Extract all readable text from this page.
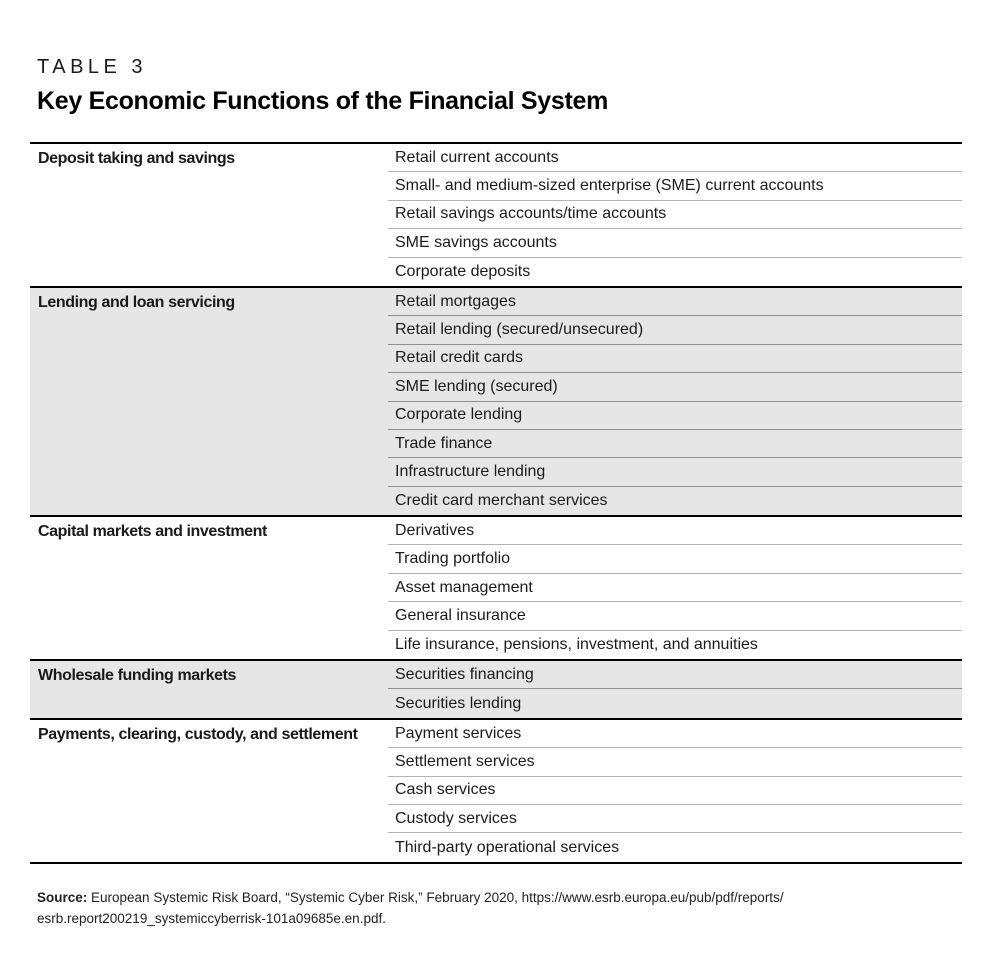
TABLE 3
Key Economic Functions of the Financial System
Deposit taking and savings	Retail current accounts
Small- and medium-sized enterprise (SME) current accounts
Retail savings accounts/time accounts
SME savings accounts
Corporate deposits
Lending and loan servicing	Retail mortgages
Retail lending (secured/unsecured)
Retail credit cards
SME lending (secured)
Corporate lending
Trade finance
Infrastructure lending
Credit card merchant services
Capital markets and investment	Derivatives
Trading portfolio
Asset management
General insurance
Life insurance, pensions, investment, and annuities
Wholesale funding markets	Securities financing
Securities lending
Payments, clearing, custody, and settlement	Payment services
Settlement services
Cash services
Custody services
Third-party operational services

Source: European Systemic Risk Board, “Systemic Cyber Risk,” February 2020, https://www.esrb.europa.eu/pub/pdf/reports/
esrb.report200219_systemiccyberrisk-101a09685e.en.pdf.
